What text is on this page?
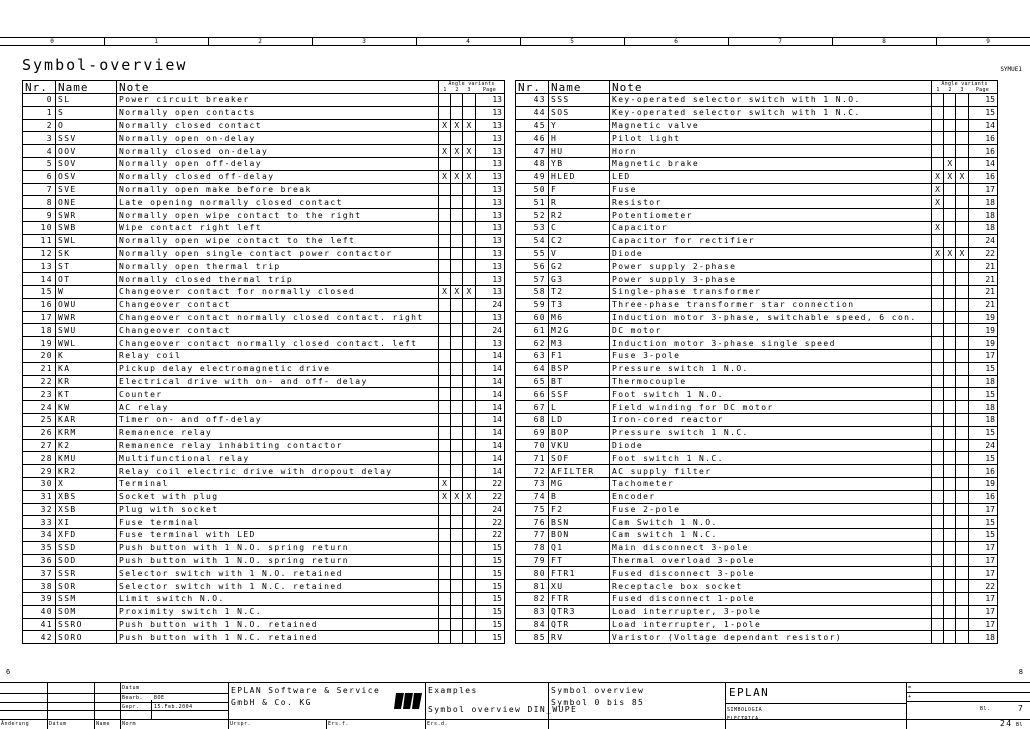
0	1	2	3	4	5	6	7	8	9
Symbol-overview	SYMUE1
Nr.	Name	Note	Angle variants
1 2 3 Page			

0	SL	Power circuit breaker				13
1	S	Normally open contacts				13
2	O	Normally closed contact	X	X	X	13
3	SSV	Normally open on-delay				13
4	OOV	Normally closed on-delay	X	X	X	13
5	SOV	Normally open off-delay				13
6	OSV	Normally closed off-delay	X	X	X	13
7	SVE	Normally open make before break				13
8	ONE	Late opening normally closed contact				13
9	SWR	Normally open wipe contact to the right				13
10	SWB	Wipe contact right left				13
11	SWL	Normally open wipe contact to the left				13
12	SK	Normally open single contact power contactor				13
13	ST	Normally open thermal trip				13
14	OT	Normally closed thermal trip				13
15	W	Changeover contact for normally closed	X	X	X	13
16	OWU	Changeover contact				24
17	WWR	Changeover contact normally closed contact. right				13
18	SWU	Changeover contact				24
19	WWL	Changeover contact normally closed contact. left				13
20	K	Relay coil				14
21	KA	Pickup delay electromagnetic drive				14
22	KR	Electrical drive with on- and off- delay				14
23	KT	Counter				14
24	KW	AC relay				14
25	KAR	Timer on- and off-delay				14
26	KRM	Remanence relay				14
27	K2	Remanence relay inhabiting contactor				14
28	KMU	Multifunctional relay				14
29	KR2	Relay coil electric drive with dropout delay				14
30	X	Terminal	X			22
31	XBS	Socket with plug	X	X	X	22
32	XSB	Plug with socket				24
33	XI	Fuse terminal				22
34	XFD	Fuse terminal with LED				22
35	SSD	Push button with 1 N.O. spring return				15
36	SOD	Push button with 1 N.O. spring return				15
37	SSR	Selector switch with 1 N.O. retained				15
38	SOR	Selector switch with 1 N.C. retained				15
39	SSM	Limit switch N.O.				15
40	SOM	Proximity switch 1 N.C.				15
41	SSRO	Push button with 1 N.O. retained				15
42	SORO	Push button with 1 N.C. retained				15
Nr.	Name	Note	Angle variants
1 2 3 Page			

43	SSS	Key-operated selector switch with 1 N.O.				15
44	SOS	Key-operated selector switch with 1 N.C.				15
45	Y	Magnetic valve				14
46	H	Pilot light				16
47	HU	Horn				16
48	YB	Magnetic brake		X		14
49	HLED	LED	X	X	X	16
50	F	Fuse	X			17
51	R	Resistor	X			18
52	R2	Potentiometer				18
53	C	Capacitor	X			18
54	C2	Capacitor for rectifier				24
55	V	Diode	X	X	X	22
56	G2	Power supply 2-phase				21
57	G3	Power supply 3-phase				21
58	T2	Single-phase transformer				21
59	T3	Three-phase transformer star connection				21
60	M6	Induction motor 3-phase, switchable speed, 6 con.				19
61	M2G	DC motor				19
62	M3	Induction motor 3-phase single speed				19
63	F1	Fuse 3-pole				17
64	BSP	Pressure switch 1 N.O.				15
65	BT	Thermocouple				18
66	SSF	Foot switch 1 N.O.				15
67	L	Field winding for DC motor				18
68	LD	Iron-cored reactor				18
69	BOP	Pressure switch 1 N.C.				15
70	VKU	Diode				24
71	SOF	Foot switch 1 N.C.				15
72	AFILTER	AC supply filter				16
73	MG	Tachometer				19
74	B	Encoder				16
75	F2	Fuse 2-pole				17
76	BSN	Cam Switch 1 N.O.				15
77	BON	Cam switch 1 N.C.				15
78	Q1	Main disconnect 3-pole				17
79	FT	Thermal overload 3-pole				17
80	FTR1	Fused disconnect 3-pole				17
81	XU	Receptacle box socket				22
82	FTR	Fused disconnect 1-pole				17
83	QTR3	Load interrupter, 3-pole				17
84	QTR	Load interrupter, 1-pole				17
85	RV	Varistor (Voltage dependant resistor)				18
6	8
Datum
Bearb. BOE
Gepr.	15.Feb.2004
Änderung	Datum	Name Norm	Urspr.	Ers.f.	Ers.d.
EPLAN Software & Service
GmbH & Co. KG
Examples
Symbol overview DIN_WUPE
Symbol overview
Symbol 0 bis 85
EPLAN
SIMBOLOGIA
ELECTRICA
=
+
Bl.	7
24 Bl
